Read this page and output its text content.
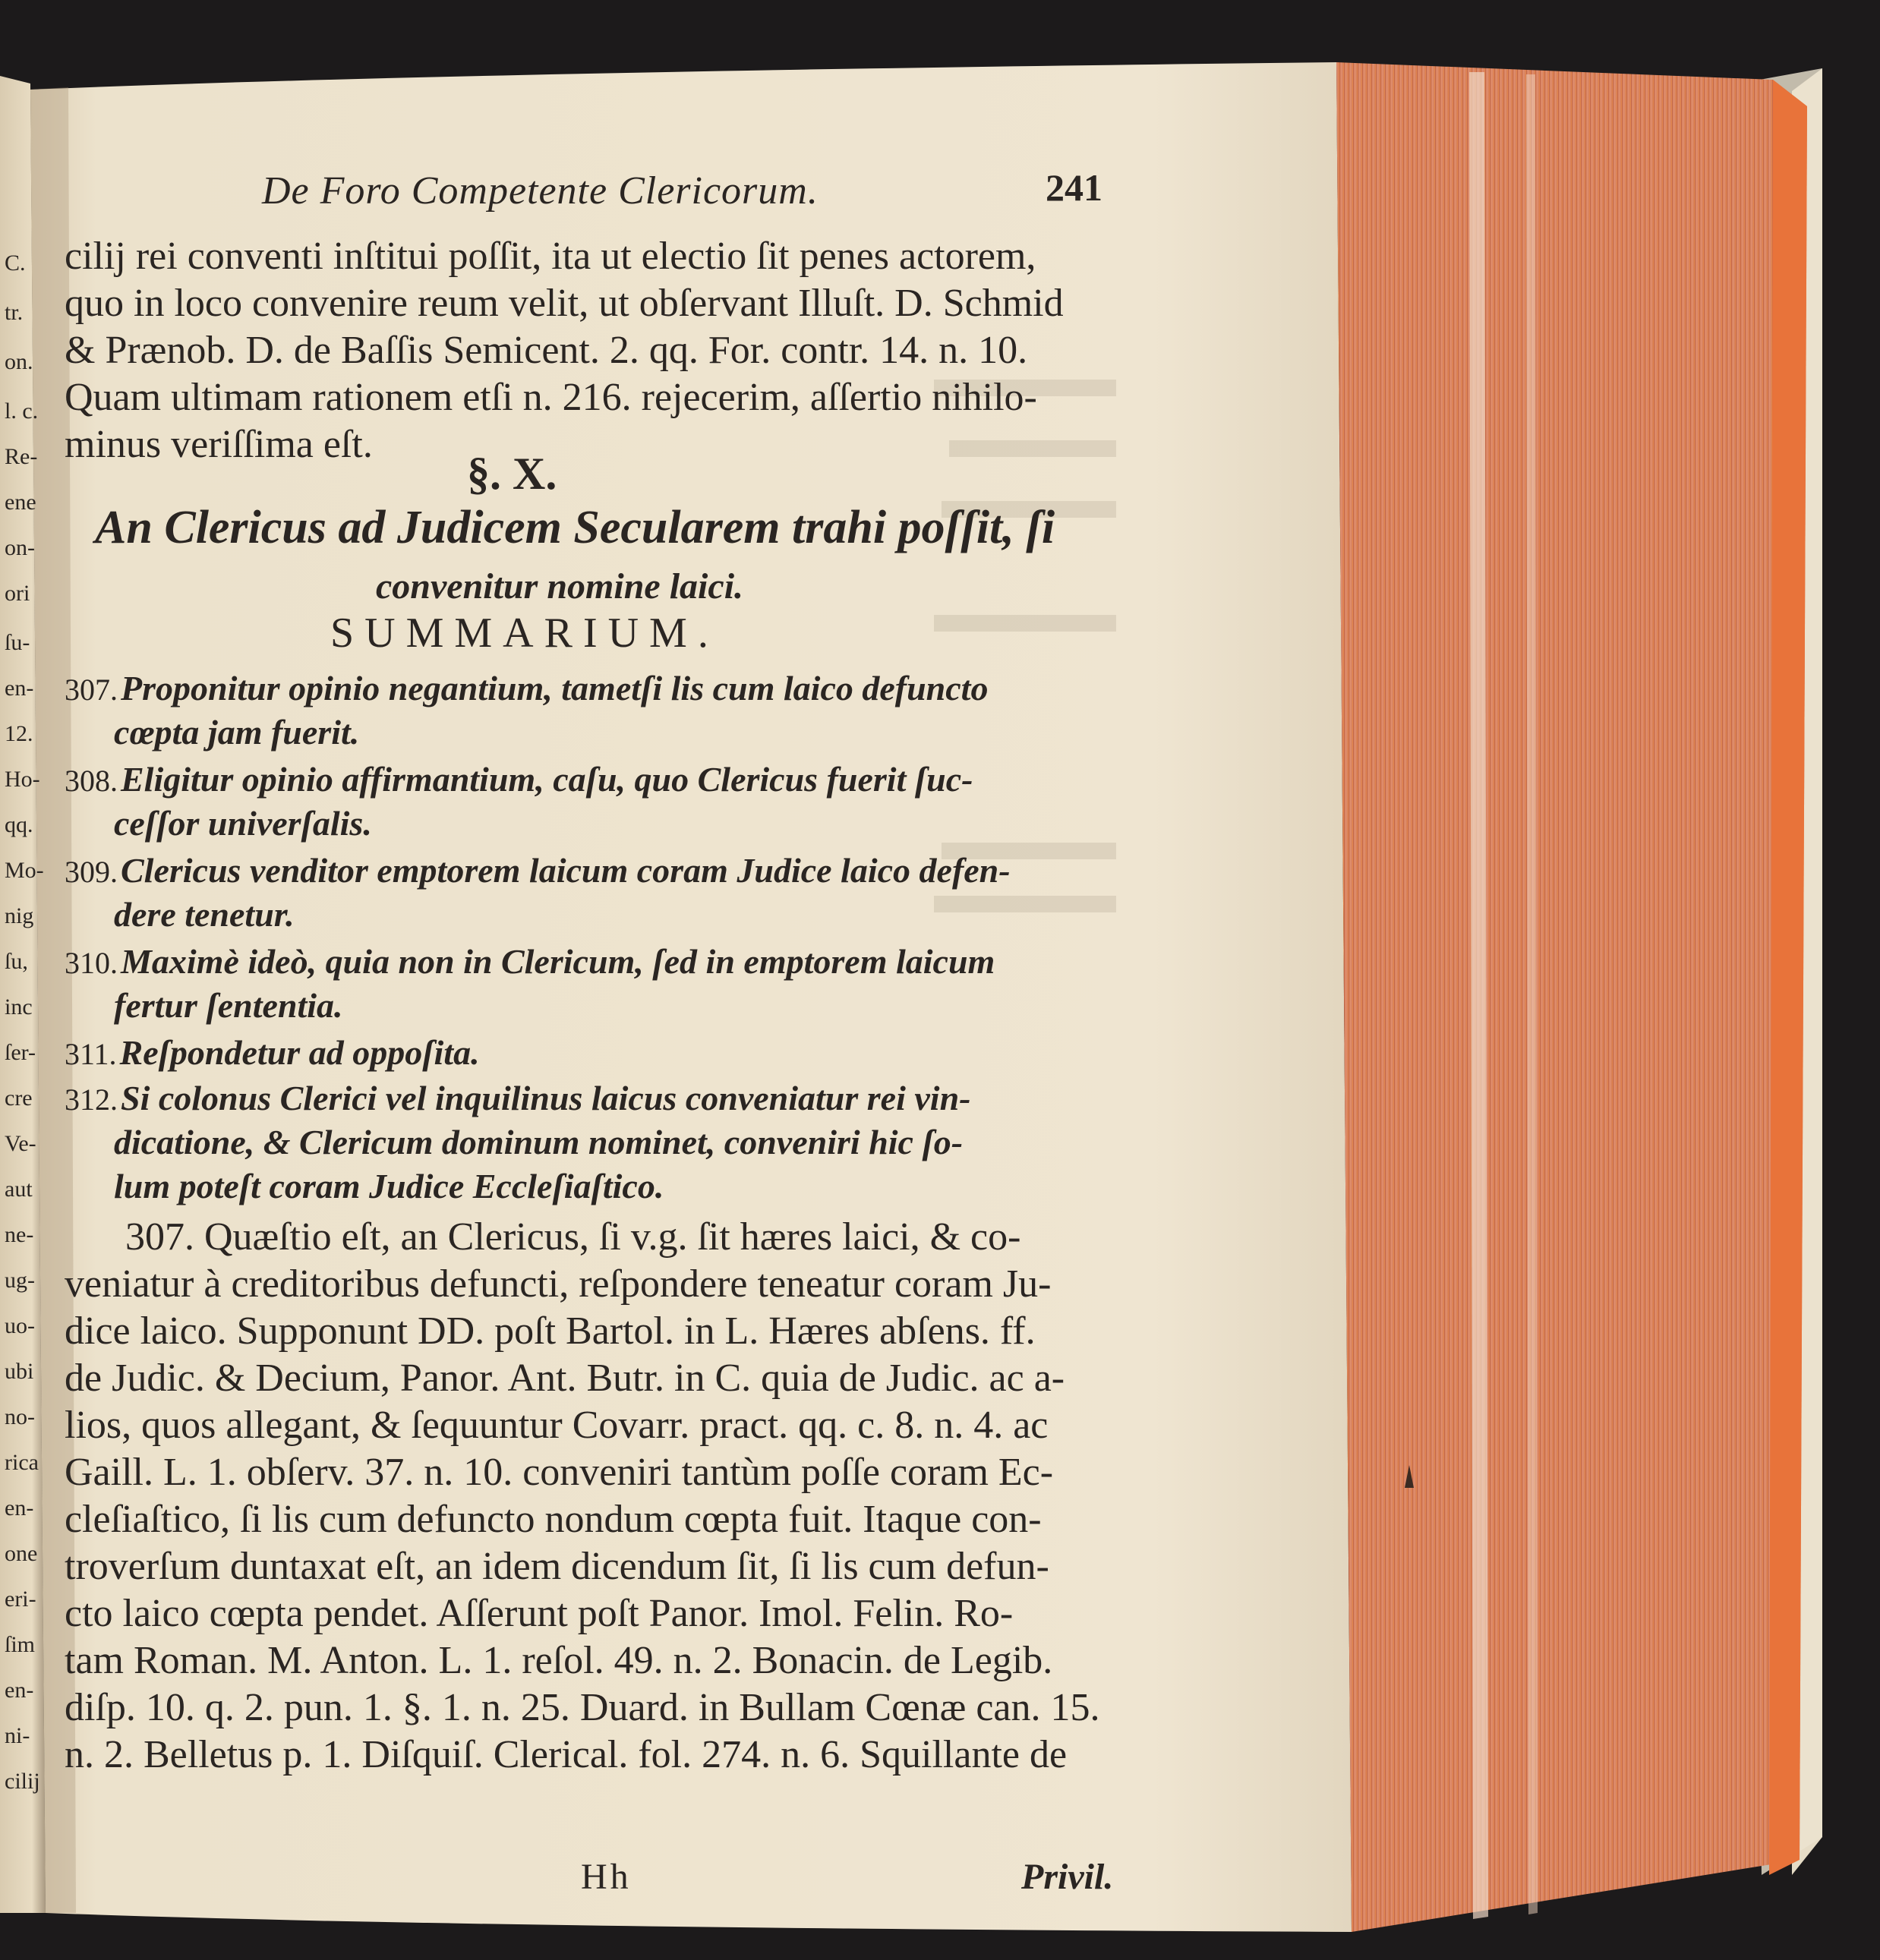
C.
tr.
on.
l. c.
Re-
ene
on-
ori
ſu-
en-
12.
Ho-
qq.
Mo-
nig
ſu,
inc
ſer-
cre
Ve-
aut
ne-
ug-
uo-
ubi
no-
rica
en-
one
eri-
ſim
en-
ni-
cilij
De Foro Competente Clericorum.	241
cilij rei conventi inſtitui poſſit, ita ut electio ſit penes actorem,
quo in loco convenire reum velit, ut obſervant Illuſt. D. Schmid
& Prænob. D. de Baſſis Semicent. 2. qq. For. contr. 14. n. 10.
Quam ultimam rationem etſi n. 216. rejecerim, aſſertio nihilo-
minus veriſſima eſt.
§. X.
An Clericus ad Judicem Secularem trahi poſſit, ſi
convenitur nomine laici.
SUMMARIUM.
307.Proponitur opinio negantium, tametſi lis cum laico defuncto
cœpta jam fuerit.
308.Eligitur opinio affirmantium, caſu, quo Clericus fuerit ſuc-
ceſſor univerſalis.
309.Clericus venditor emptorem laicum coram Judice laico defen-
dere tenetur.
310.Maximè ideò, quia non in Clericum, ſed in emptorem laicum
fertur ſententia.
311.Reſpondetur ad oppoſita.
312.Si colonus Clerici vel inquilinus laicus conveniatur rei vin-
dicatione, & Clericum dominum nominet, conveniri hic ſo-
lum poteſt coram Judice Eccleſiaſtico.
307. Quæſtio eſt, an Clericus, ſi v.g. ſit hæres laici, & co-
veniatur à creditoribus defuncti, reſpondere teneatur coram Ju-
dice laico. Supponunt DD. poſt Bartol. in L. Hæres abſens. ff.
de Judic. & Decium, Panor. Ant. Butr. in C. quia de Judic. ac a-
lios, quos allegant, & ſequuntur Covarr. pract. qq. c. 8. n. 4. ac
Gaill. L. 1. obſerv. 37. n. 10. conveniri tantùm poſſe coram Ec-
cleſiaſtico, ſi lis cum defuncto nondum cœpta fuit. Itaque con-
troverſum duntaxat eſt, an idem dicendum ſit, ſi lis cum defun-
cto laico cœpta pendet. Aſſerunt poſt Panor. Imol. Felin. Ro-
tam Roman. M. Anton. L. 1. reſol. 49. n. 2. Bonacin. de Legib.
diſp. 10. q. 2. pun. 1. §. 1. n. 25. Duard. in Bullam Cœnæ can. 15.
n. 2. Belletus p. 1. Diſquiſ. Clerical. fol. 274. n. 6. Squillante de
Hh	Privil.
